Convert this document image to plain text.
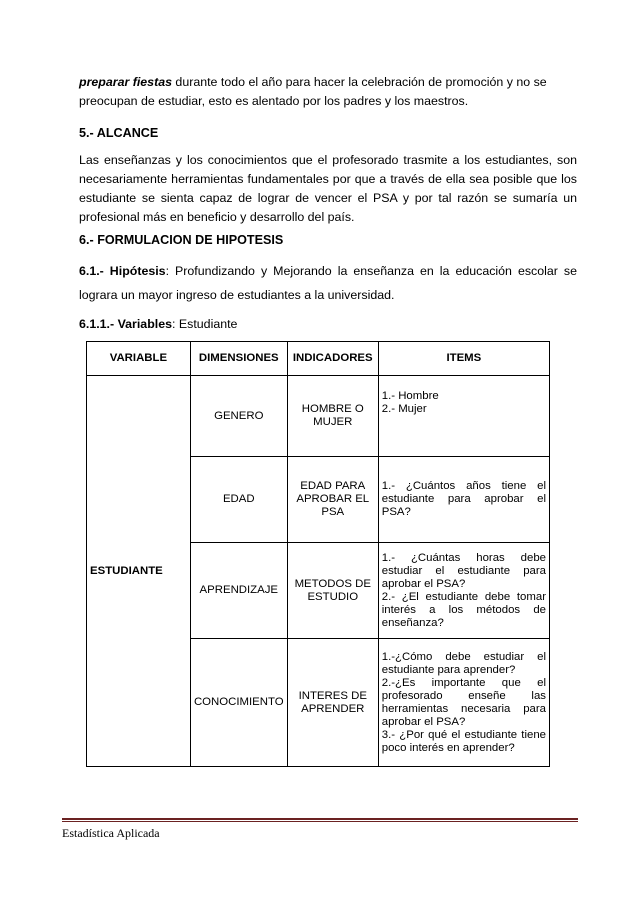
preparar fiestas durante todo el año para hacer la celebración de promoción y no se
preocupan de estudiar, esto es alentado por los padres y los maestros.

5.- ALCANCE

Las enseñanzas y los conocimientos que el profesorado trasmite a los estudiantes, son necesariamente herramientas fundamentales por que a través de ella sea posible que los estudiante se sienta capaz de lograr de vencer el PSA y por tal razón se sumaría un profesional más en beneficio y desarrollo del país.

6.- FORMULACION DE HIPOTESIS

6.1.- Hipótesis: Profundizando y Mejorando la enseñanza en la educación escolar se lograra un mayor ingreso de estudiantes a la universidad.

6.1.1.- Variables: Estudiante

VARIABLE	DIMENSIONES	INDICADORES	ITEMS
ESTUDIANTE	GENERO	HOMBRE O MUJER	1.- Hombre
2.- Mujer

	EDAD	EDAD PARA APROBAR EL PSA	1.- ¿Cuántos años tiene el estudiante para aprobar el PSA?

	APRENDIZAJE	METODOS DE ESTUDIO	1.- ¿Cuántas horas debe estudiar el estudiante para aprobar el PSA?
2.- ¿El estudiante debe tomar interés a los métodos de enseñanza?

	CONOCIMIENTO	INTERES DE APRENDER	1.-¿Cómo debe estudiar el estudiante para aprender?
2.-¿Es importante que el profesorado enseñe las herramientas necesaria para aprobar el PSA?
3.- ¿Por qué el estudiante tiene poco interés en aprender?
Estadística Aplicada
